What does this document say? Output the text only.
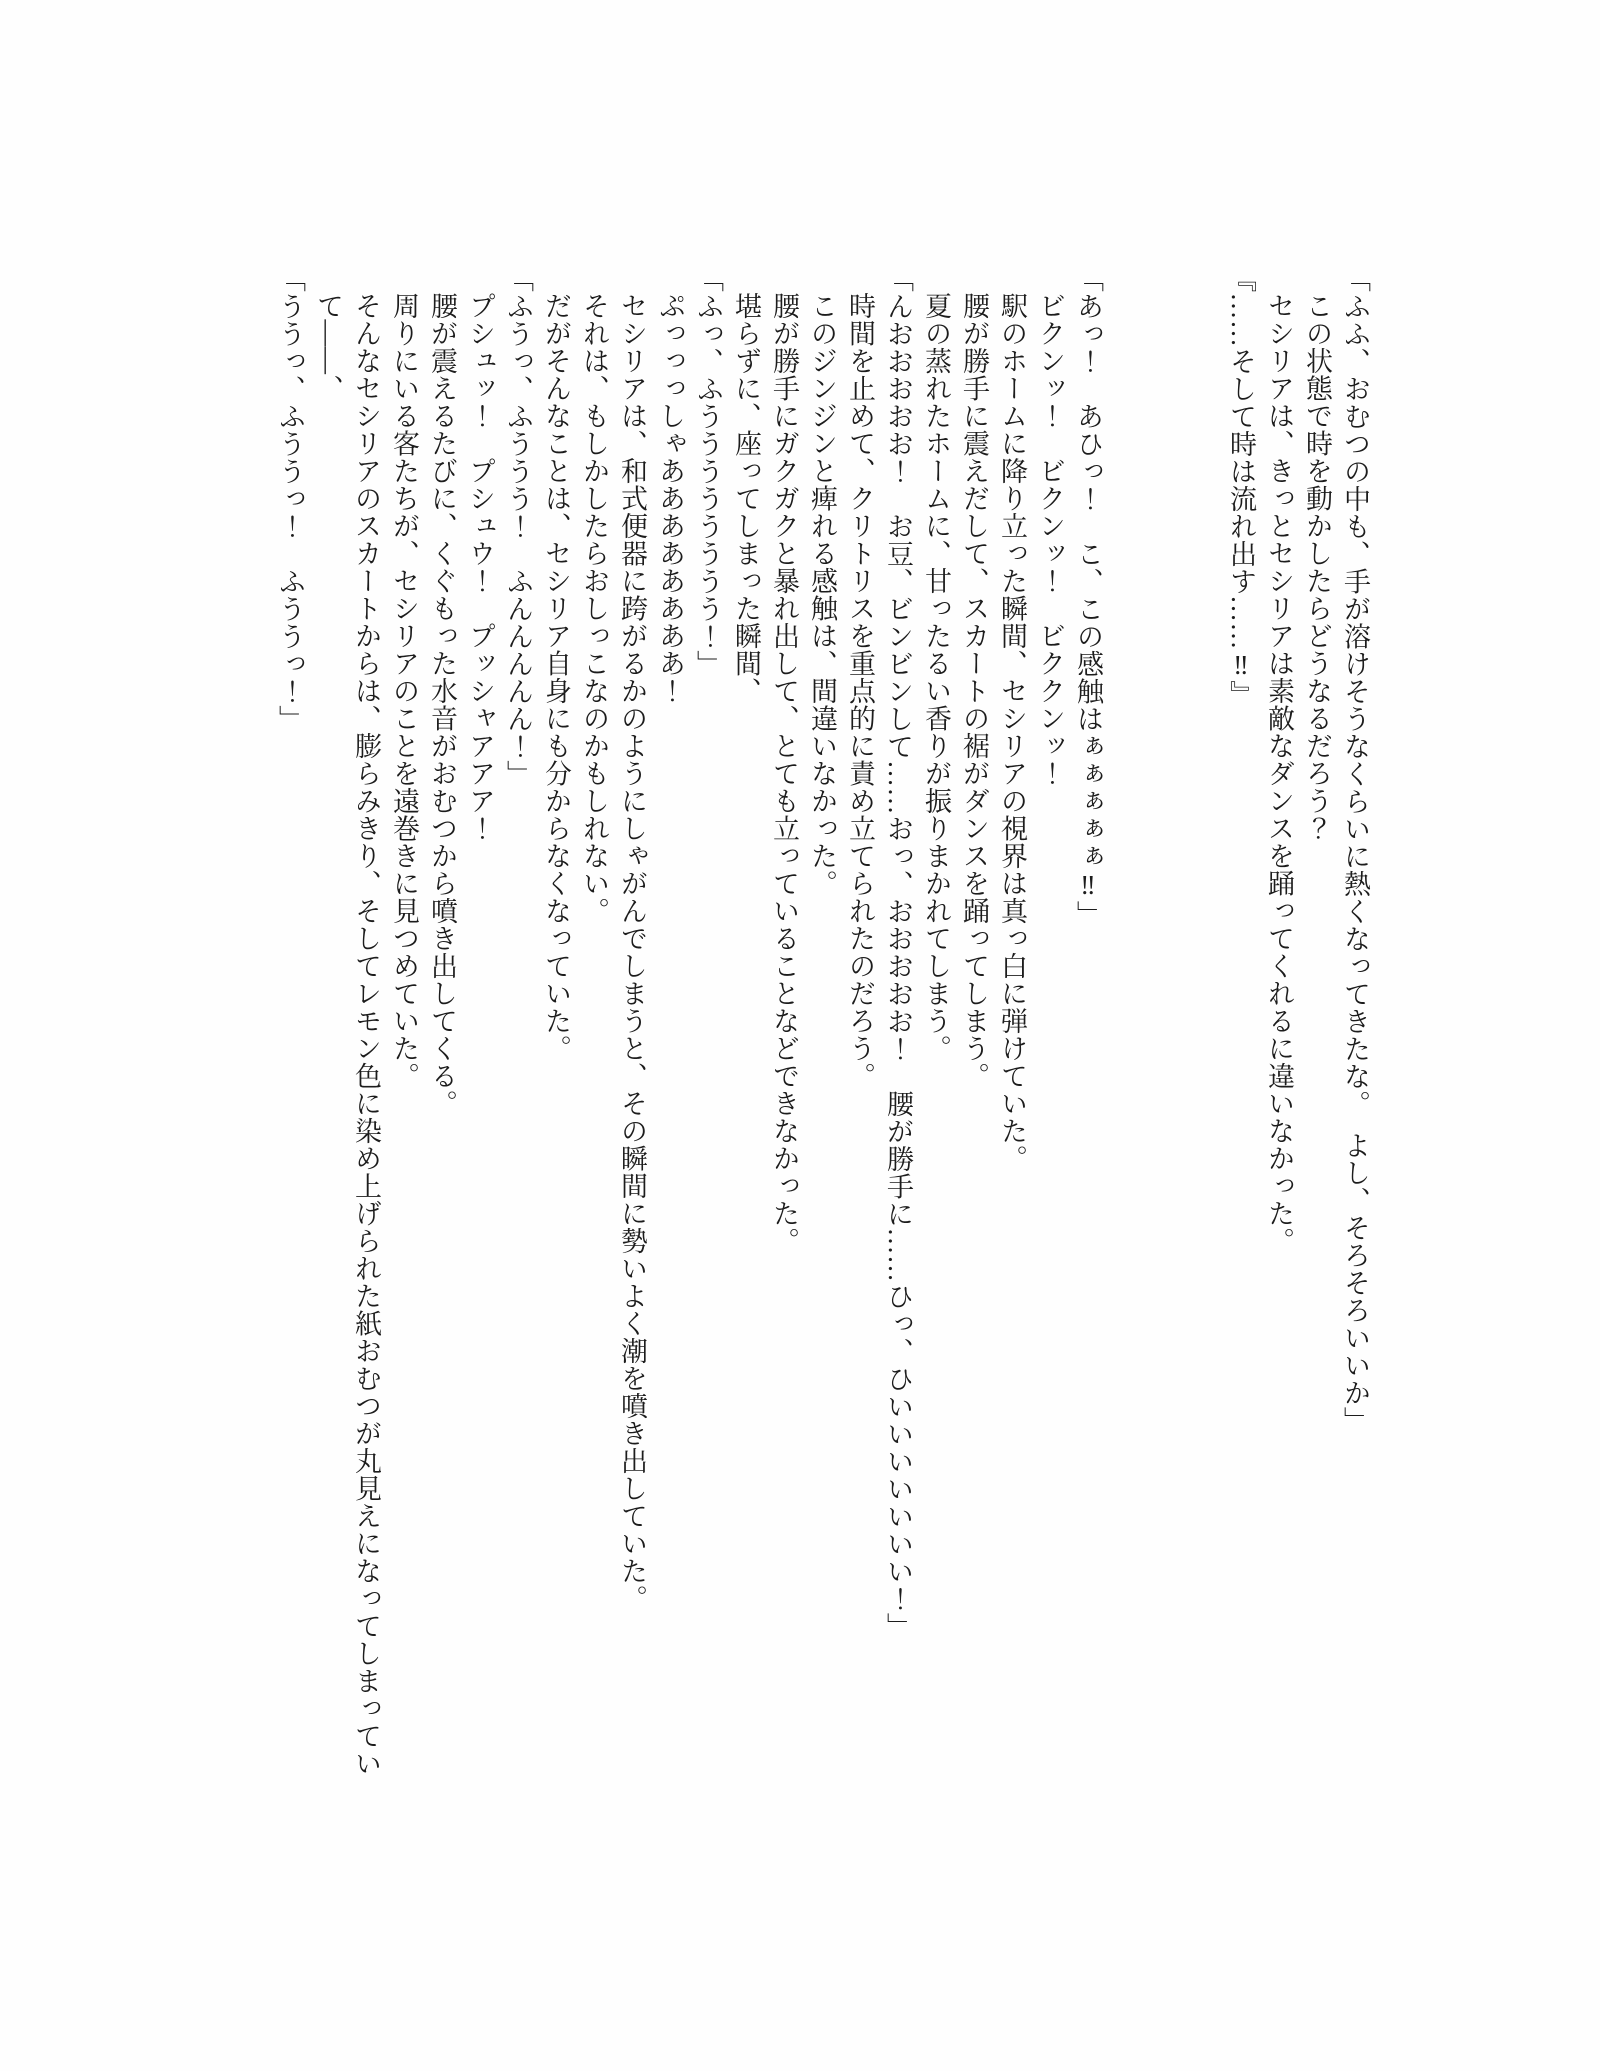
「ふふ、おむつの中も、手が溶けそうなくらいに熱くなってきたな。　よし、そろそろいいか」

この状態で時を動かしたらどうなるだろう？

セシリアは、きっとセシリアは素敵なダンスを踊ってくれるに違いなかった。

『……そして時は流れ出す……‼』

「あっ！　あひっ！　こ、この感触はぁぁぁぁぁ‼」

ビクンッ！　ビクンッ！　ビククンッ！

駅のホームに降り立った瞬間、セシリアの視界は真っ白に弾けていた。

腰が勝手に震えだして、スカートの裾がダンスを踊ってしまう。

夏の蒸れたホームに、甘ったるい香りが振りまかれてしまう。

「んおおおおお！　お豆、ビンビンして……おっ、おおおおお！　腰が勝手に……ひっ、ひいいいいいいい！」

時間を止めて、クリトリスを重点的に責め立てられたのだろう。

このジンジンと痺れる感触は、間違いなかった。

腰が勝手にガクガクと暴れ出して、とても立っていることなどできなかった。

堪らずに、座ってしまった瞬間、

「ふっ、ふうううううううう！」

ぷっっっしゃああああああああ！

セシリアは、和式便器に跨がるかのようにしゃがんでしまうと、その瞬間に勢いよく潮を噴き出していた。

それは、もしかしたらおしっこなのかもしれない。

だがそんなことは、セシリア自身にも分からなくなっていた。

「ふうっ、ふううう！　ふんんんんん！」

プシュッ！　プシュウ！　プッシャアアア！

腰が震えるたびに、くぐもった水音がおむつから噴き出してくる。

周りにいる客たちが、セシリアのことを遠巻きに見つめていた。

そんなセシリアのスカートからは、膨らみきり、そしてレモン色に染め上げられた紙おむつが丸見えになってしまっていて――、

「ううっ、ふううっ！　ふううっ！」
